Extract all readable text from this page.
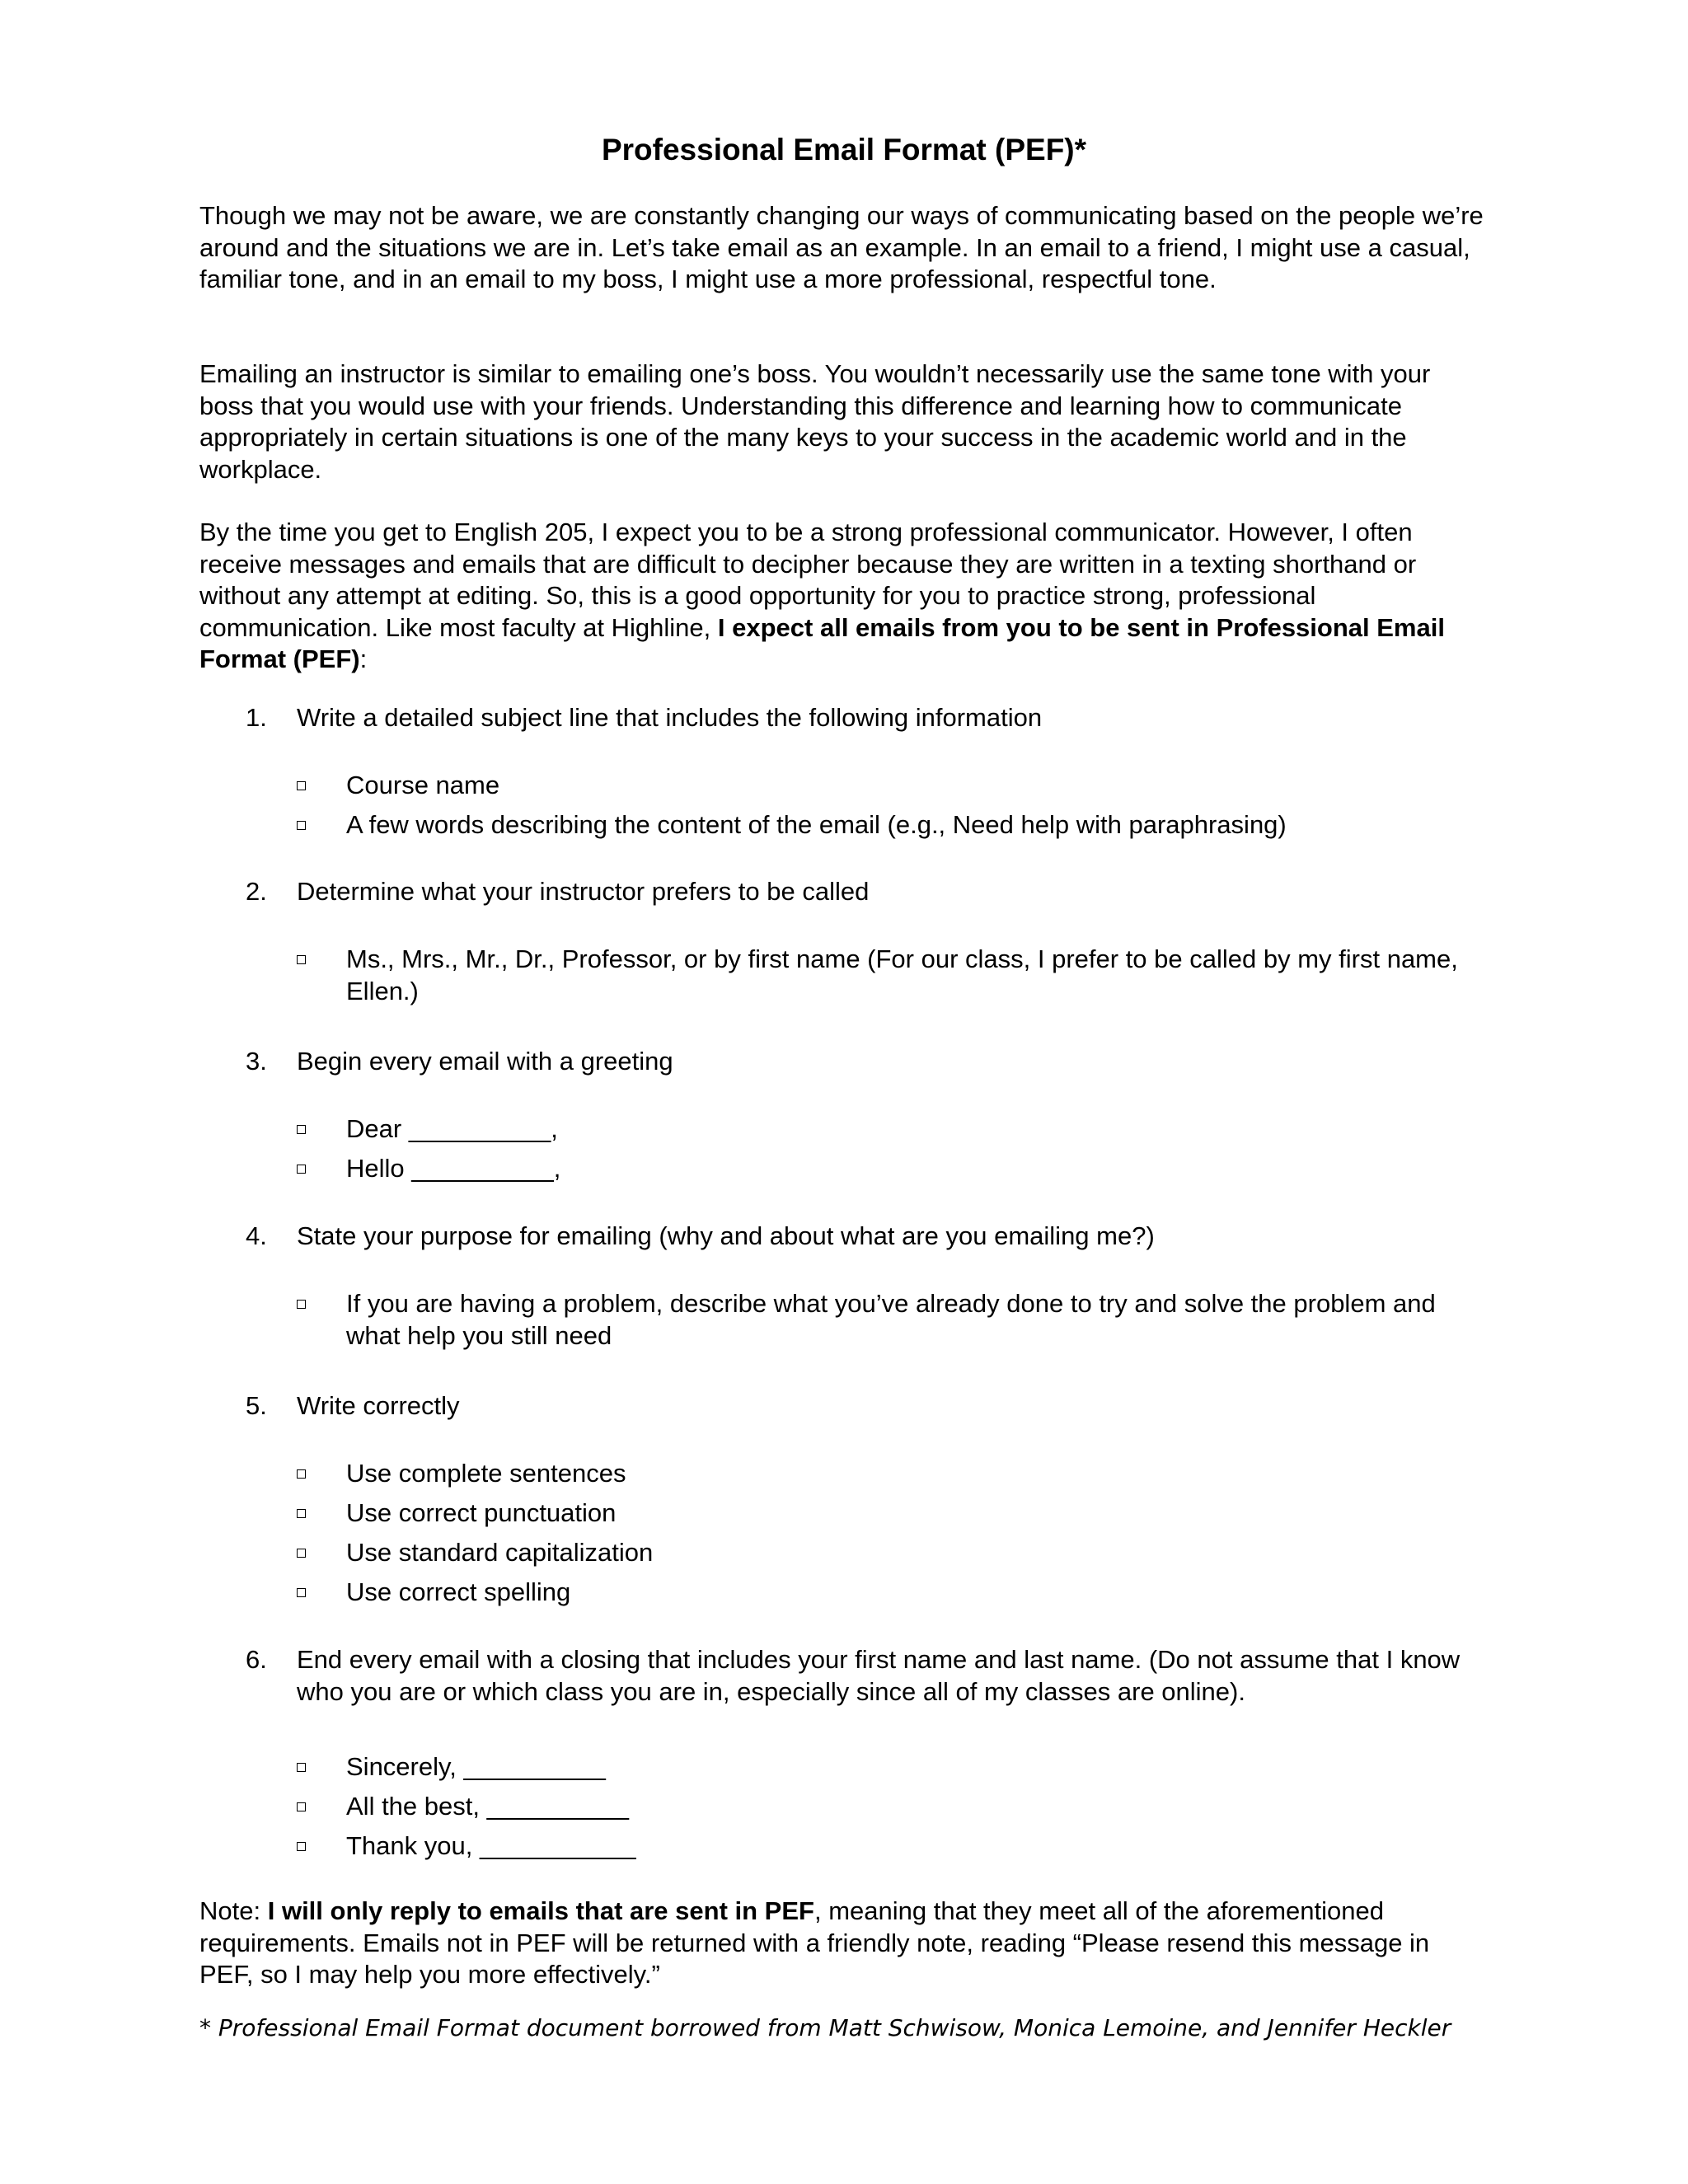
Professional Email Format (PEF)*

Though we may not be aware, we are constantly changing our ways of communicating based on the people we’re around and the situations we are in. Let’s take email as an example. In an email to a friend, I might use a casual, familiar tone, and in an email to my boss, I might use a more professional, respectful tone.

Emailing an instructor is similar to emailing one’s boss. You wouldn’t necessarily use the same tone with your boss that you would use with your friends. Understanding this difference and learning how to communicate appropriately in certain situations is one of the many keys to your success in the academic world and in the workplace.

By the time you get to English 205, I expect you to be a strong professional communicator. However, I often receive messages and emails that are difficult to decipher because they are written in a texting shorthand or without any attempt at editing. So, this is a good opportunity for you to practice strong, professional communication. Like most faculty at Highline, I expect all emails from you to be sent in Professional Email Format (PEF):

1. Write a detailed subject line that includes the following information
Course name
A few words describing the content of the email (e.g., Need help with paraphrasing)
2. Determine what your instructor prefers to be called
Ms., Mrs., Mr., Dr., Professor, or by first name (For our class, I prefer to be called by my first name, Ellen.)
3. Begin every email with a greeting
Dear __________,
Hello __________,
4. State your purpose for emailing (why and about what are you emailing me?)
If you are having a problem, describe what you’ve already done to try and solve the problem and what help you still need
5. Write correctly
Use complete sentences
Use correct punctuation
Use standard capitalization
Use correct spelling
6. End every email with a closing that includes your first name and last name. (Do not assume that I know who you are or which class you are in, especially since all of my classes are online).
Sincerely, __________
All the best, __________
Thank you, ___________

Note: I will only reply to emails that are sent in PEF, meaning that they meet all of the aforementioned requirements. Emails not in PEF will be returned with a friendly note, reading “Please resend this message in PEF, so I may help you more effectively.”

* Professional Email Format document borrowed from Matt Schwisow, Monica Lemoine, and Jennifer Heckler
